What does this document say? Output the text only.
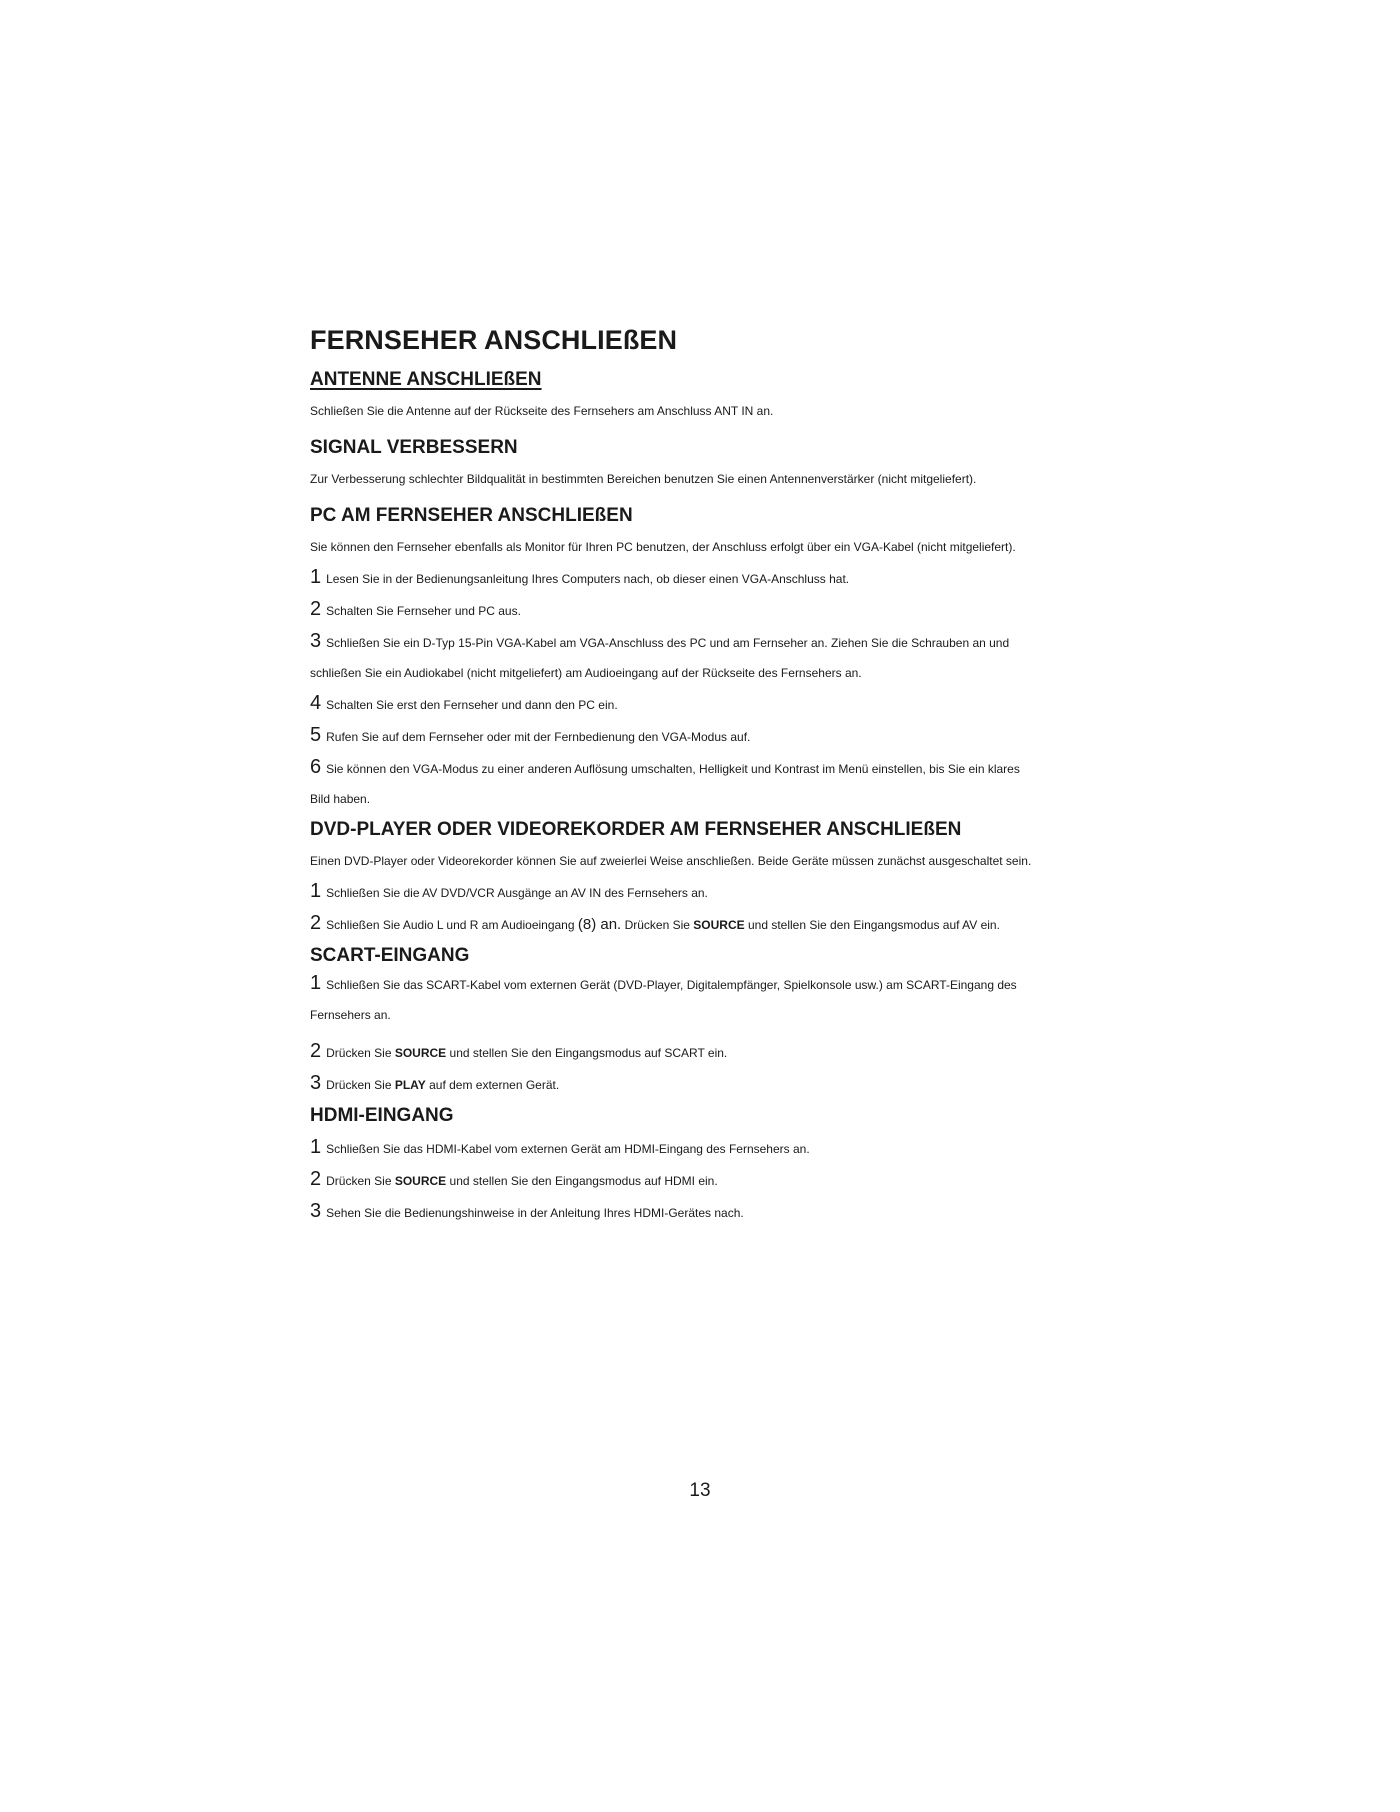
FERNSEHER ANSCHLIEßEN
ANTENNE ANSCHLIEßEN
Schließen Sie die Antenne auf der Rückseite des Fernsehers am Anschluss ANT IN an.
SIGNAL VERBESSERN
Zur Verbesserung schlechter Bildqualität in bestimmten Bereichen benutzen Sie einen Antennenverstärker (nicht mitgeliefert).
PC AM FERNSEHER ANSCHLIEßEN
Sie können den Fernseher ebenfalls als Monitor für Ihren PC benutzen, der Anschluss erfolgt über ein VGA-Kabel (nicht mitgeliefert).
1 Lesen Sie in der Bedienungsanleitung Ihres Computers nach, ob dieser einen VGA-Anschluss hat.
2 Schalten Sie Fernseher und PC aus.
3 Schließen Sie ein D-Typ 15-Pin VGA-Kabel am VGA-Anschluss des PC und am Fernseher an. Ziehen Sie die Schrauben an und
schließen Sie ein Audiokabel (nicht mitgeliefert) am Audioeingang auf der Rückseite des Fernsehers an.
4 Schalten Sie erst den Fernseher und dann den PC ein.
5 Rufen Sie auf dem Fernseher oder mit der Fernbedienung den VGA-Modus auf.
6 Sie können den VGA-Modus zu einer anderen Auflösung umschalten, Helligkeit und Kontrast im Menü einstellen, bis Sie ein klares
Bild haben.
DVD-PLAYER ODER VIDEOREKORDER AM FERNSEHER ANSCHLIEßEN
Einen DVD-Player oder Videorekorder können Sie auf zweierlei Weise anschließen. Beide Geräte müssen zunächst ausgeschaltet sein.
1 Schließen Sie die AV DVD/VCR Ausgänge an AV IN des Fernsehers an.
2 Schließen Sie Audio L und R am Audioeingang (8) an. Drücken Sie SOURCE und stellen Sie den Eingangsmodus auf AV ein.
SCART-EINGANG
1 Schließen Sie das SCART-Kabel vom externen Gerät (DVD-Player, Digitalempfänger, Spielkonsole usw.) am SCART-Eingang des
Fernsehers an.
2 Drücken Sie SOURCE und stellen Sie den Eingangsmodus auf SCART ein.
3 Drücken Sie PLAY auf dem externen Gerät.
HDMI-EINGANG
1 Schließen Sie das HDMI-Kabel vom externen Gerät am HDMI-Eingang des Fernsehers an.
2 Drücken Sie SOURCE und stellen Sie den Eingangsmodus auf HDMI ein.
3 Sehen Sie die Bedienungshinweise in der Anleitung Ihres HDMI-Gerätes nach.
13
